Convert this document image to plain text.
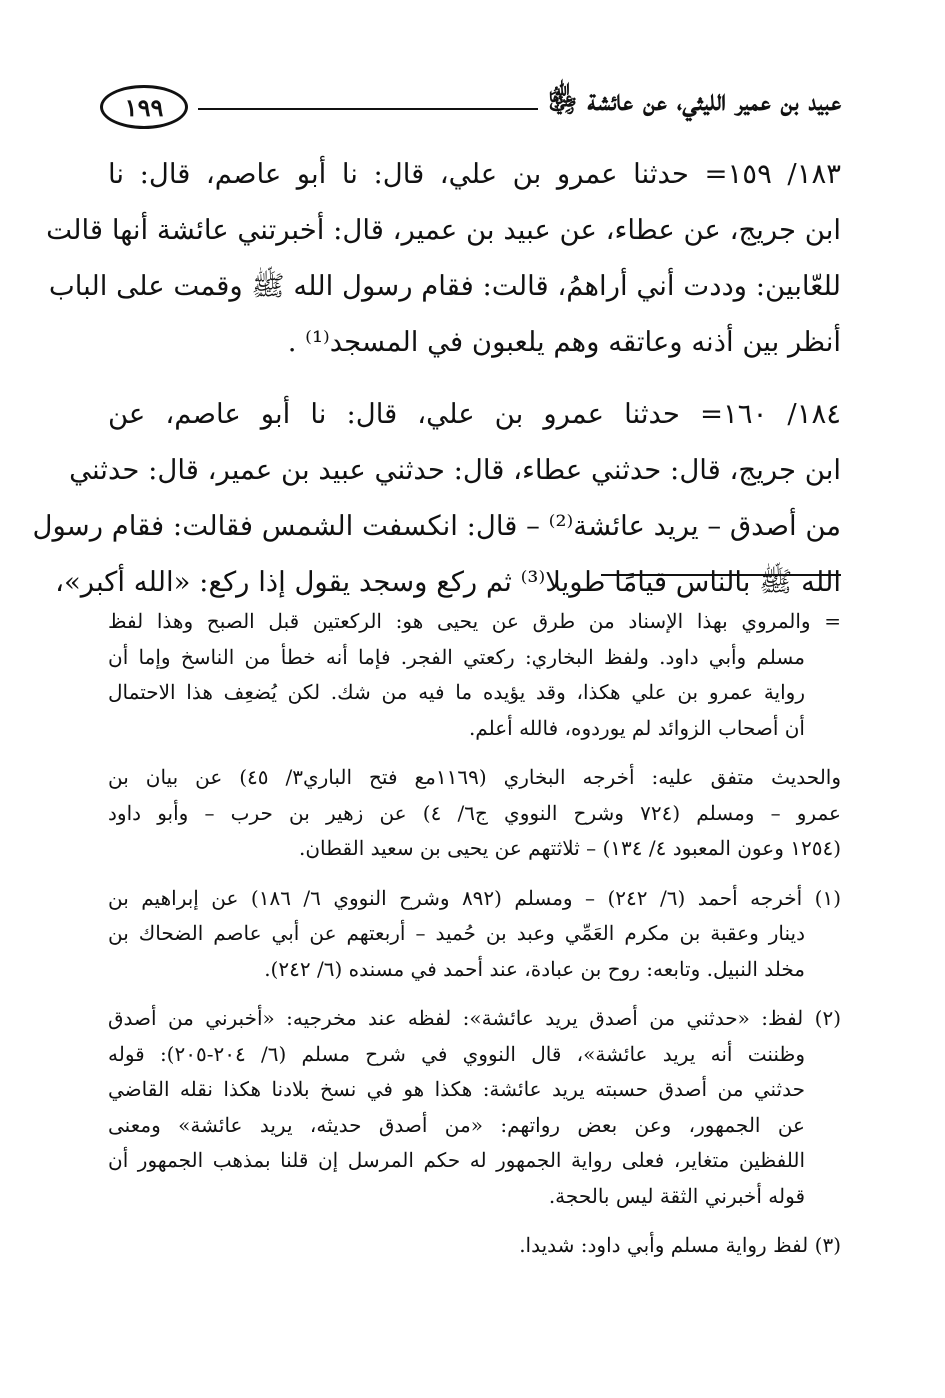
عبيد بن عمير الليثي، عن عائشة ﵂
١٩٩
١٨٣/ ١٥٩= حدثنا عمرو بن علي، قال: نا أبو عاصم، قال: نا
ابن جريج، عن عطاء، عن عبيد بن عمير، قال: أخبرتني عائشة أنها قالت
للعّابين: وددت أني أراهمُ، قالت: فقام رسول الله ﷺ وقمت على الباب
أنظر بين أذنه وعاتقه وهم يلعبون في المسجد⁽¹⁾ .
١٨٤/ ١٦٠= حدثنا عمرو بن علي، قال: نا أبو عاصم، عن
ابن جريج، قال: حدثني عطاء، قال: حدثني عبيد بن عمير، قال: حدثني
من أصدق – يريد عائشة⁽²⁾ – قال: انكسفت الشمس فقالت: فقام رسول
الله ﷺ بالناس قيامًا طويلا⁽³⁾ ثم ركع وسجد يقول إذا ركع: «الله أكبر»،
= والمروي بهذا الإسناد من طرق عن يحيى هو: الركعتين قبل الصبح وهذا لفظ
مسلم وأبي داود. ولفظ البخاري: ركعتي الفجر. فإما أنه خطأ من الناسخ وإما أن
رواية عمرو بن علي هكذا، وقد يؤيده ما فيه من شك. لكن يُضعِف هذا الاحتمال
أن أصحاب الزوائد لم يوردوه، فالله أعلم.
والحديث متفق عليه: أخرجه البخاري (١١٦٩مع فتح الباري٣/ ٤٥) عن بيان بن
عمرو – ومسلم (٧٢٤ وشرح النووي ج٦/ ٤) عن زهير بن حرب – وأبو داود
(١٢٥٤ وعون المعبود ٤/ ١٣٤) – ثلاثتهم عن يحيى بن سعيد القطان.
(١) أخرجه أحمد (٦/ ٢٤٢) – ومسلم (٨٩٢ وشرح النووي ٦/ ١٨٦) عن إبراهيم بن
دينار وعقبة بن مكرم العَمِّي وعبد بن حُميد – أربعتهم عن أبي عاصم الضحاك بن
مخلد النبيل. وتابعه: روح بن عبادة، عند أحمد في مسنده (٦/ ٢٤٢).
(٢) لفظ: «حدثني من أصدق يريد عائشة»: لفظه عند مخرجيه: «أخبرني من أصدق
وظننت أنه يريد عائشة»، قال النووي في شرح مسلم (٦/ ٢٠٤-٢٠٥): قوله
حدثني من أصدق حسبته يريد عائشة: هكذا هو في نسخ بلادنا هكذا نقله القاضي
عن الجمهور، وعن بعض رواتهم: «من أصدق حديثه، يريد عائشة» ومعنى
اللفظين متغاير، فعلى رواية الجمهور له حكم المرسل إن قلنا بمذهب الجمهور أن
قوله أخبرني الثقة ليس بالحجة.
(٣) لفظ رواية مسلم وأبي داود: شديدا.
